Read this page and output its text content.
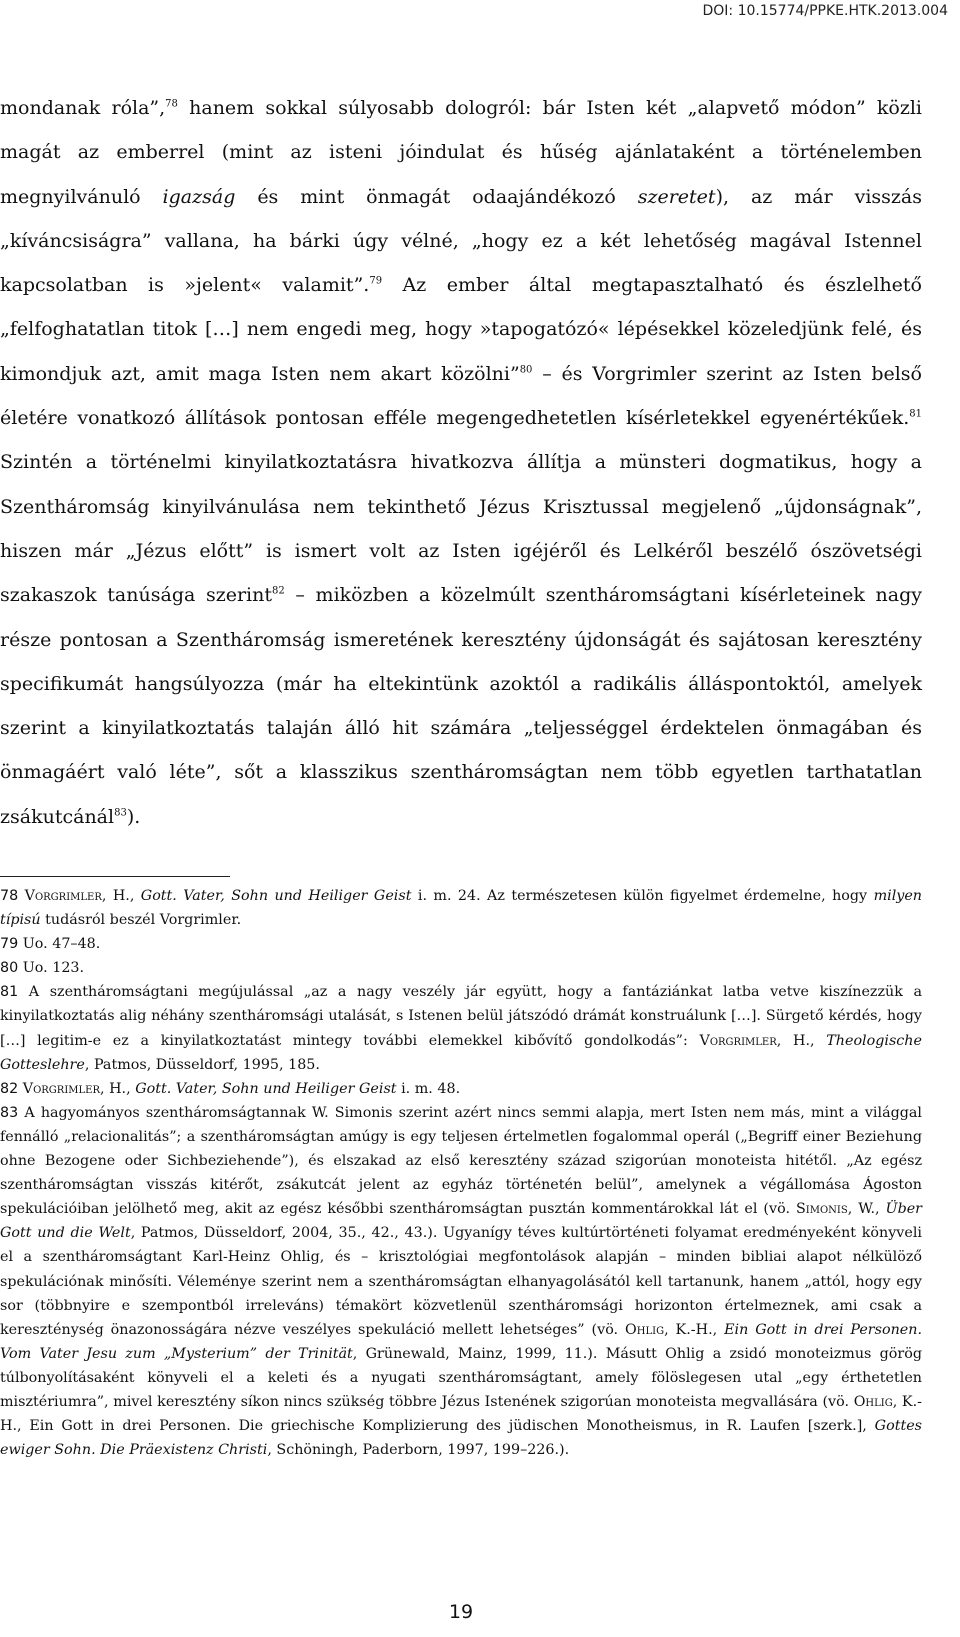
DOI: 10.15774/PPKE.HTK.2013.004

mondanak róla”,$^{78}$ hanem sokkal súlyosabb dologról: bár Isten két „alapvető módon” közli magát az emberrel (mint az isteni jóindulat és hűség ajánlataként a történelemben megnyilvánuló igazság és mint önmagát odaajándékozó szeretet), az már visszás „kíváncsiságra” vallana, ha bárki úgy vélné, „hogy ez a két lehetőség magával Istennel kapcsolatban is »jelent« valamit”.$^{79}$ Az ember által megtapasztalható és észlelhető „felfoghatatlan titok […] nem engedi meg, hogy »tapogatózó« lépésekkel közeledjünk felé, és kimondjuk azt, amit maga Isten nem akart közölni”$^{80}$ – és Vorgrimler szerint az Isten belső életére vonatkozó állítások pontosan efféle megengedhetetlen kísérletekkel egyenértékűek.$^{81}$ Szintén a történelmi kinyilatkoztatásra hivatkozva állítja a münsteri dogmatikus, hogy a Szentháromság kinyilvánulása nem tekinthető Jézus Krisztussal megjelenő „újdonságnak”, hiszen már „Jézus előtt” is ismert volt az Isten igéjéről és Lelkéről beszélő ószövetségi szakaszok tanúsága szerint$^{82}$ – miközben a közelmúlt szentháromságtani kísérleteinek nagy része pontosan a Szentháromság ismeretének keresztény újdonságát és sajátosan keresztény specifikumát hangsúlyozza (már ha eltekintünk azoktól a radikális álláspontoktól, amelyek szerint a kinyilatkoztatás talaján álló hit számára „teljességgel érdektelen önmagában és önmagáért való léte”, sőt a klasszikus szentháromságtan nem több egyetlen tarthatatlan zsákutcánál$^{83}$).

78 Vorgrimler, H., Gott. Vater, Sohn und Heiliger Geist i. m. 24. Az természetesen külön figyelmet érdemelne, hogy milyen típisú tudásról beszél Vorgrimler.

79 Uo. 47–48.

80 Uo. 123.

81 A szentháromságtani megújulással „az a nagy veszély jár együtt, hogy a fantáziánkat latba vetve kiszínezzük a kinyilatkoztatás alig néhány szentháromsági utalását, s Istenen belül játszódó drámát konstruálunk […]. Sürgető kérdés, hogy […] legitim-e ez a kinyilatkoztatást mintegy további elemekkel kibővítő gondolkodás”: Vorgrimler, H., Theologische Gotteslehre, Patmos, Düsseldorf, 1995, 185.

82 Vorgrimler, H., Gott. Vater, Sohn und Heiliger Geist i. m. 48.

83 A hagyományos szentháromságtannak W. Simonis szerint azért nincs semmi alapja, mert Isten nem más, mint a világgal fennálló „relacionalitás”; a szentháromságtan amúgy is egy teljesen értelmetlen fogalommal operál („Begriff einer Beziehung ohne Bezogene oder Sichbeziehende”), és elszakad az első keresztény század szigorúan monoteista hitétől. „Az egész szentháromságtan visszás kitérőt, zsákutcát jelent az egyház történetén belül”, amelynek a végállomása Ágoston spekulációiban jelölhető meg, akit az egész későbbi szentháromságtan pusztán kommentárokkal lát el (vö. Simonis, W., Über Gott und die Welt, Patmos, Düsseldorf, 2004, 35., 42., 43.). Ugyanígy téves kultúrtörténeti folyamat eredményeként könyveli el a szentháromságtant Karl-Heinz Ohlig, és – krisztológiai megfontolások alapján – minden bibliai alapot nélkülöző spekulációnak minősíti. Véleménye szerint nem a szentháromságtan elhanyagolásától kell tartanunk, hanem „attól, hogy egy sor (többnyire e szempontból irreleváns) témakört közvetlenül szentháromsági horizonton értelmeznek, ami csak a kereszténység önazonosságára nézve veszélyes spekuláció mellett lehetséges” (vö. Ohlig, K.-H., Ein Gott in drei Personen. Vom Vater Jesu zum „Mysterium” der Trinität, Grünewald, Mainz, 1999, 11.). Másutt Ohlig a zsidó monoteizmus görög túlbonyolításaként könyveli el a keleti és a nyugati szentháromságtant, amely fölöslegesen utal „egy érthetetlen misztériumra”, mivel keresztény síkon nincs szükség többre Jézus Istenének szigorúan monoteista megvallására (vö. Ohlig, K.-H., Ein Gott in drei Personen. Die griechische Komplizierung des jüdischen Monotheismus, in R. Laufen [szerk.], Gottes ewiger Sohn. Die Präexistenz Christi, Schöningh, Paderborn, 1997, 199–226.).

19
